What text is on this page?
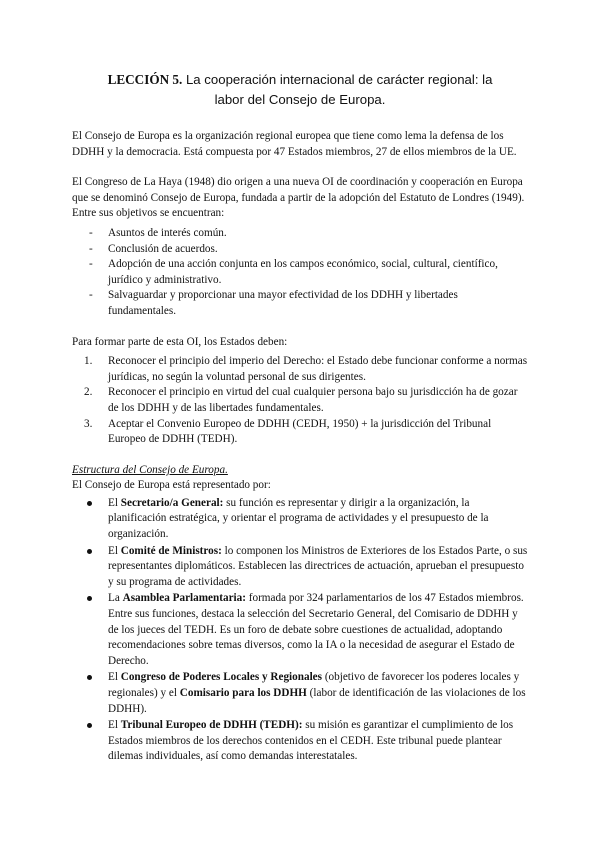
LECCIÓN 5. La cooperación internacional de carácter regional: la labor del Consejo de Europa.

El Consejo de Europa es la organización regional europea que tiene como lema la defensa de los DDHH y la democracia. Está compuesta por 47 Estados miembros, 27 de ellos miembros de la UE.

El Congreso de La Haya (1948) dio origen a una nueva OI de coordinación y cooperación en Europa que se denominó Consejo de Europa, fundada a partir de la adopción del Estatuto de Londres (1949). Entre sus objetivos se encuentran:

- Asuntos de interés común.
- Conclusión de acuerdos.
- Adopción de una acción conjunta en los campos económico, social, cultural, científico, jurídico y administrativo.
- Salvaguardar y proporcionar una mayor efectividad de los DDHH y libertades fundamentales.

Para formar parte de esta OI, los Estados deben:

1. Reconocer el principio del imperio del Derecho: el Estado debe funcionar conforme a normas jurídicas, no según la voluntad personal de sus dirigentes.
2. Reconocer el principio en virtud del cual cualquier persona bajo su jurisdicción ha de gozar de los DDHH y de las libertades fundamentales.
3. Aceptar el Convenio Europeo de DDHH (CEDH, 1950) + la jurisdicción del Tribunal Europeo de DDHH (TEDH).

Estructura del Consejo de Europa.

El Consejo de Europa está representado por:

El Secretario/a General: su función es representar y dirigir a la organización, la planificación estratégica, y orientar el programa de actividades y el presupuesto de la organización.
El Comité de Ministros: lo componen los Ministros de Exteriores de los Estados Parte, o sus representantes diplomáticos. Establecen las directrices de actuación, aprueban el presupuesto y su programa de actividades.
La Asamblea Parlamentaria: formada por 324 parlamentarios de los 47 Estados miembros. Entre sus funciones, destaca la selección del Secretario General, del Comisario de DDHH y de los jueces del TEDH. Es un foro de debate sobre cuestiones de actualidad, adoptando recomendaciones sobre temas diversos, como la IA o la necesidad de asegurar el Estado de Derecho.
El Congreso de Poderes Locales y Regionales (objetivo de favorecer los poderes locales y regionales) y el Comisario para los DDHH (labor de identificación de las violaciones de los DDHH).
El Tribunal Europeo de DDHH (TEDH): su misión es garantizar el cumplimiento de los Estados miembros de los derechos contenidos en el CEDH. Este tribunal puede plantear dilemas individuales, así como demandas interestatales.
